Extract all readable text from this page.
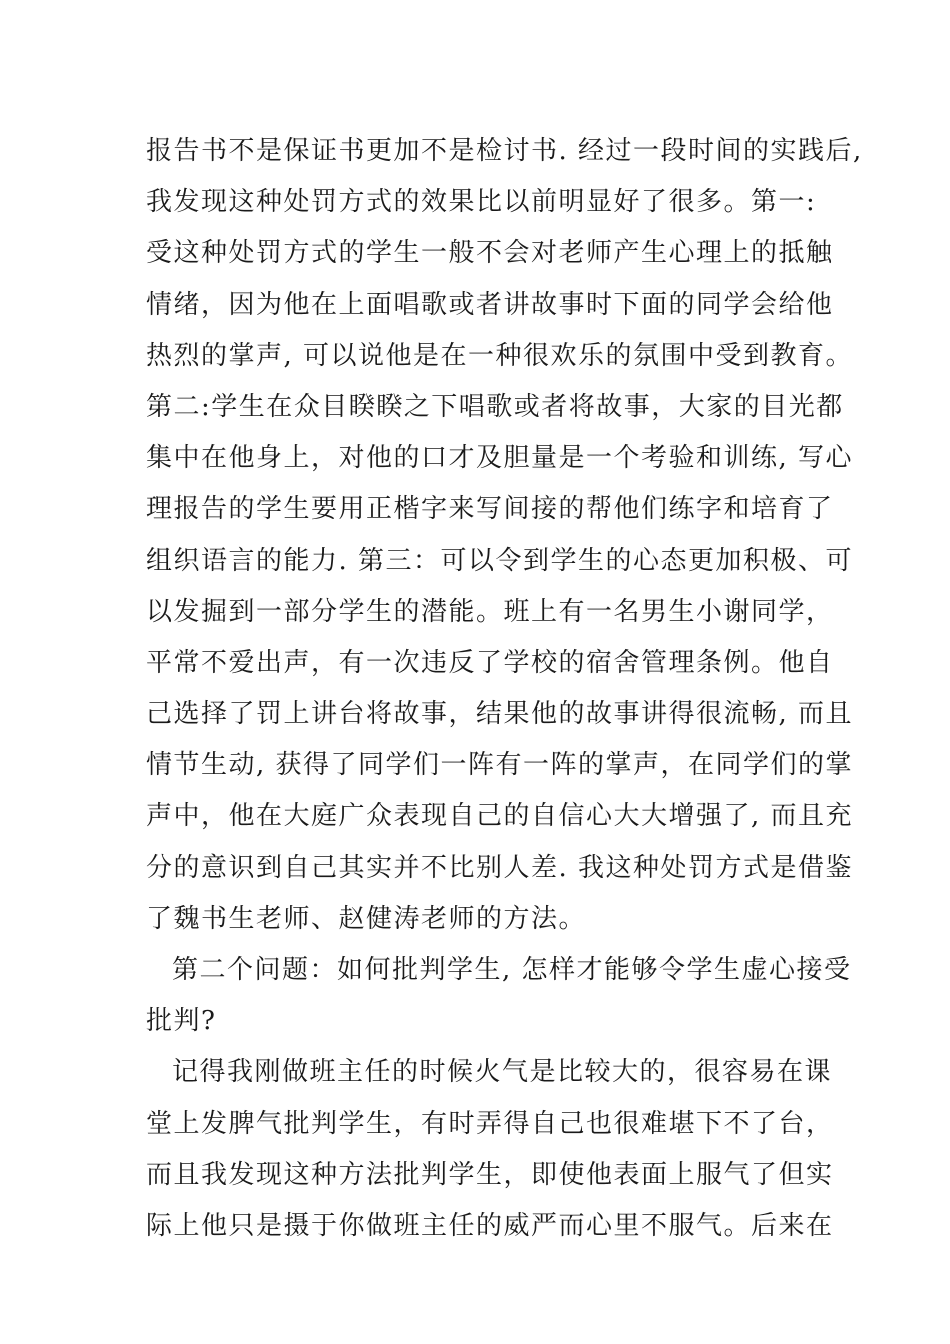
报告书不是保证书更加不是检讨书. 经过一段时间的实践后,
我发现这种处罚方式的效果比以前明显好了很多。第一:
受这种处罚方式的学生一般不会对老师产生心理上的抵触
情绪，因为他在上面唱歌或者讲故事时下面的同学会给他
热烈的掌声, 可以说他是在一种很欢乐的氛围中受到教育。
第二:学生在众目睽睽之下唱歌或者将故事，大家的目光都
集中在他身上，对他的口才及胆量是一个考验和训练, 写心
理报告的学生要用正楷字来写间接的帮他们练字和培育了
组织语言的能力. 第三：可以令到学生的心态更加积极、可
以发掘到一部分学生的潜能。班上有一名男生小谢同学，
平常不爱出声，有一次违反了学校的宿舍管理条例。他自
己选择了罚上讲台将故事，结果他的故事讲得很流畅, 而且
情节生动, 获得了同学们一阵有一阵的掌声，在同学们的掌
声中，他在大庭广众表现自己的自信心大大增强了, 而且充
分的意识到自己其实并不比别人差. 我这种处罚方式是借鉴
了魏书生老师、赵健涛老师的方法。
第二个问题：如何批判学生, 怎样才能够令学生虚心接受
批判?
记得我刚做班主任的时候火气是比较大的，很容易在课
堂上发脾气批判学生，有时弄得自己也很难堪下不了台，
而且我发现这种方法批判学生，即使他表面上服气了但实
际上他只是摄于你做班主任的威严而心里不服气。后来在
